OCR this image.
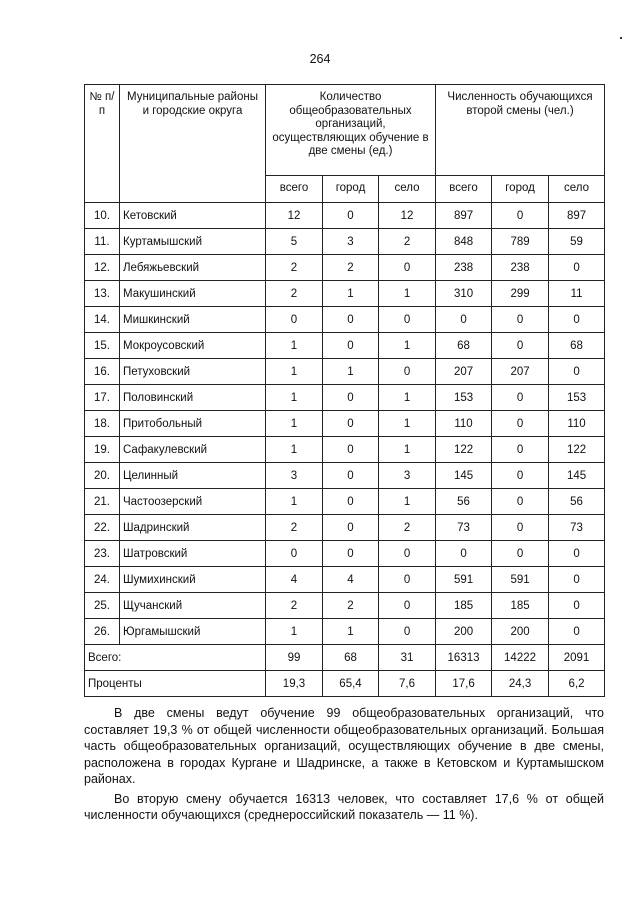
264
№ п/п	Муниципальные районы и городские округа	Количество общеобразовательных организаций, осуществляющих обучение в две смены (ед.)			Численность обучающихся второй смены (чел.)		
		всего	город	село	всего	город	село
10.	Кетовский	12	0	12	897	0	897
11.	Куртамышский	5	3	2	848	789	59
12.	Лебяжьевский	2	2	0	238	238	0
13.	Макушинский	2	1	1	310	299	11
14.	Мишкинский	0	0	0	0	0	0
15.	Мокроусовский	1	0	1	68	0	68
16.	Петуховский	1	1	0	207	207	0
17.	Половинский	1	0	1	153	0	153
18.	Притобольный	1	0	1	110	0	110
19.	Сафакулевский	1	0	1	122	0	122
20.	Целинный	3	0	3	145	0	145
21.	Частоозерский	1	0	1	56	0	56
22.	Шадринский	2	0	2	73	0	73
23.	Шатровский	0	0	0	0	0	0
24.	Шумихинский	4	4	0	591	591	0
25.	Щучанский	2	2	0	185	185	0
26.	Юргамышский	1	1	0	200	200	0
Всего:		99	68	31	16313	14222	2091
Проценты		19,3	65,4	7,6	17,6	24,3	6,2

В две смены ведут обучение 99 общеобразовательных организаций, что составляет 19,3 % от общей численности общеобразовательных организаций. Большая часть общеобразовательных организаций, осуществляющих обучение в две смены, расположена в городах Кургане и Шадринске, а также в Кетовском и Куртамышском районах.

Во вторую смену обучается 16313 человек, что составляет 17,6 % от общей численности обучающихся (среднероссийский показатель — 11 %).
